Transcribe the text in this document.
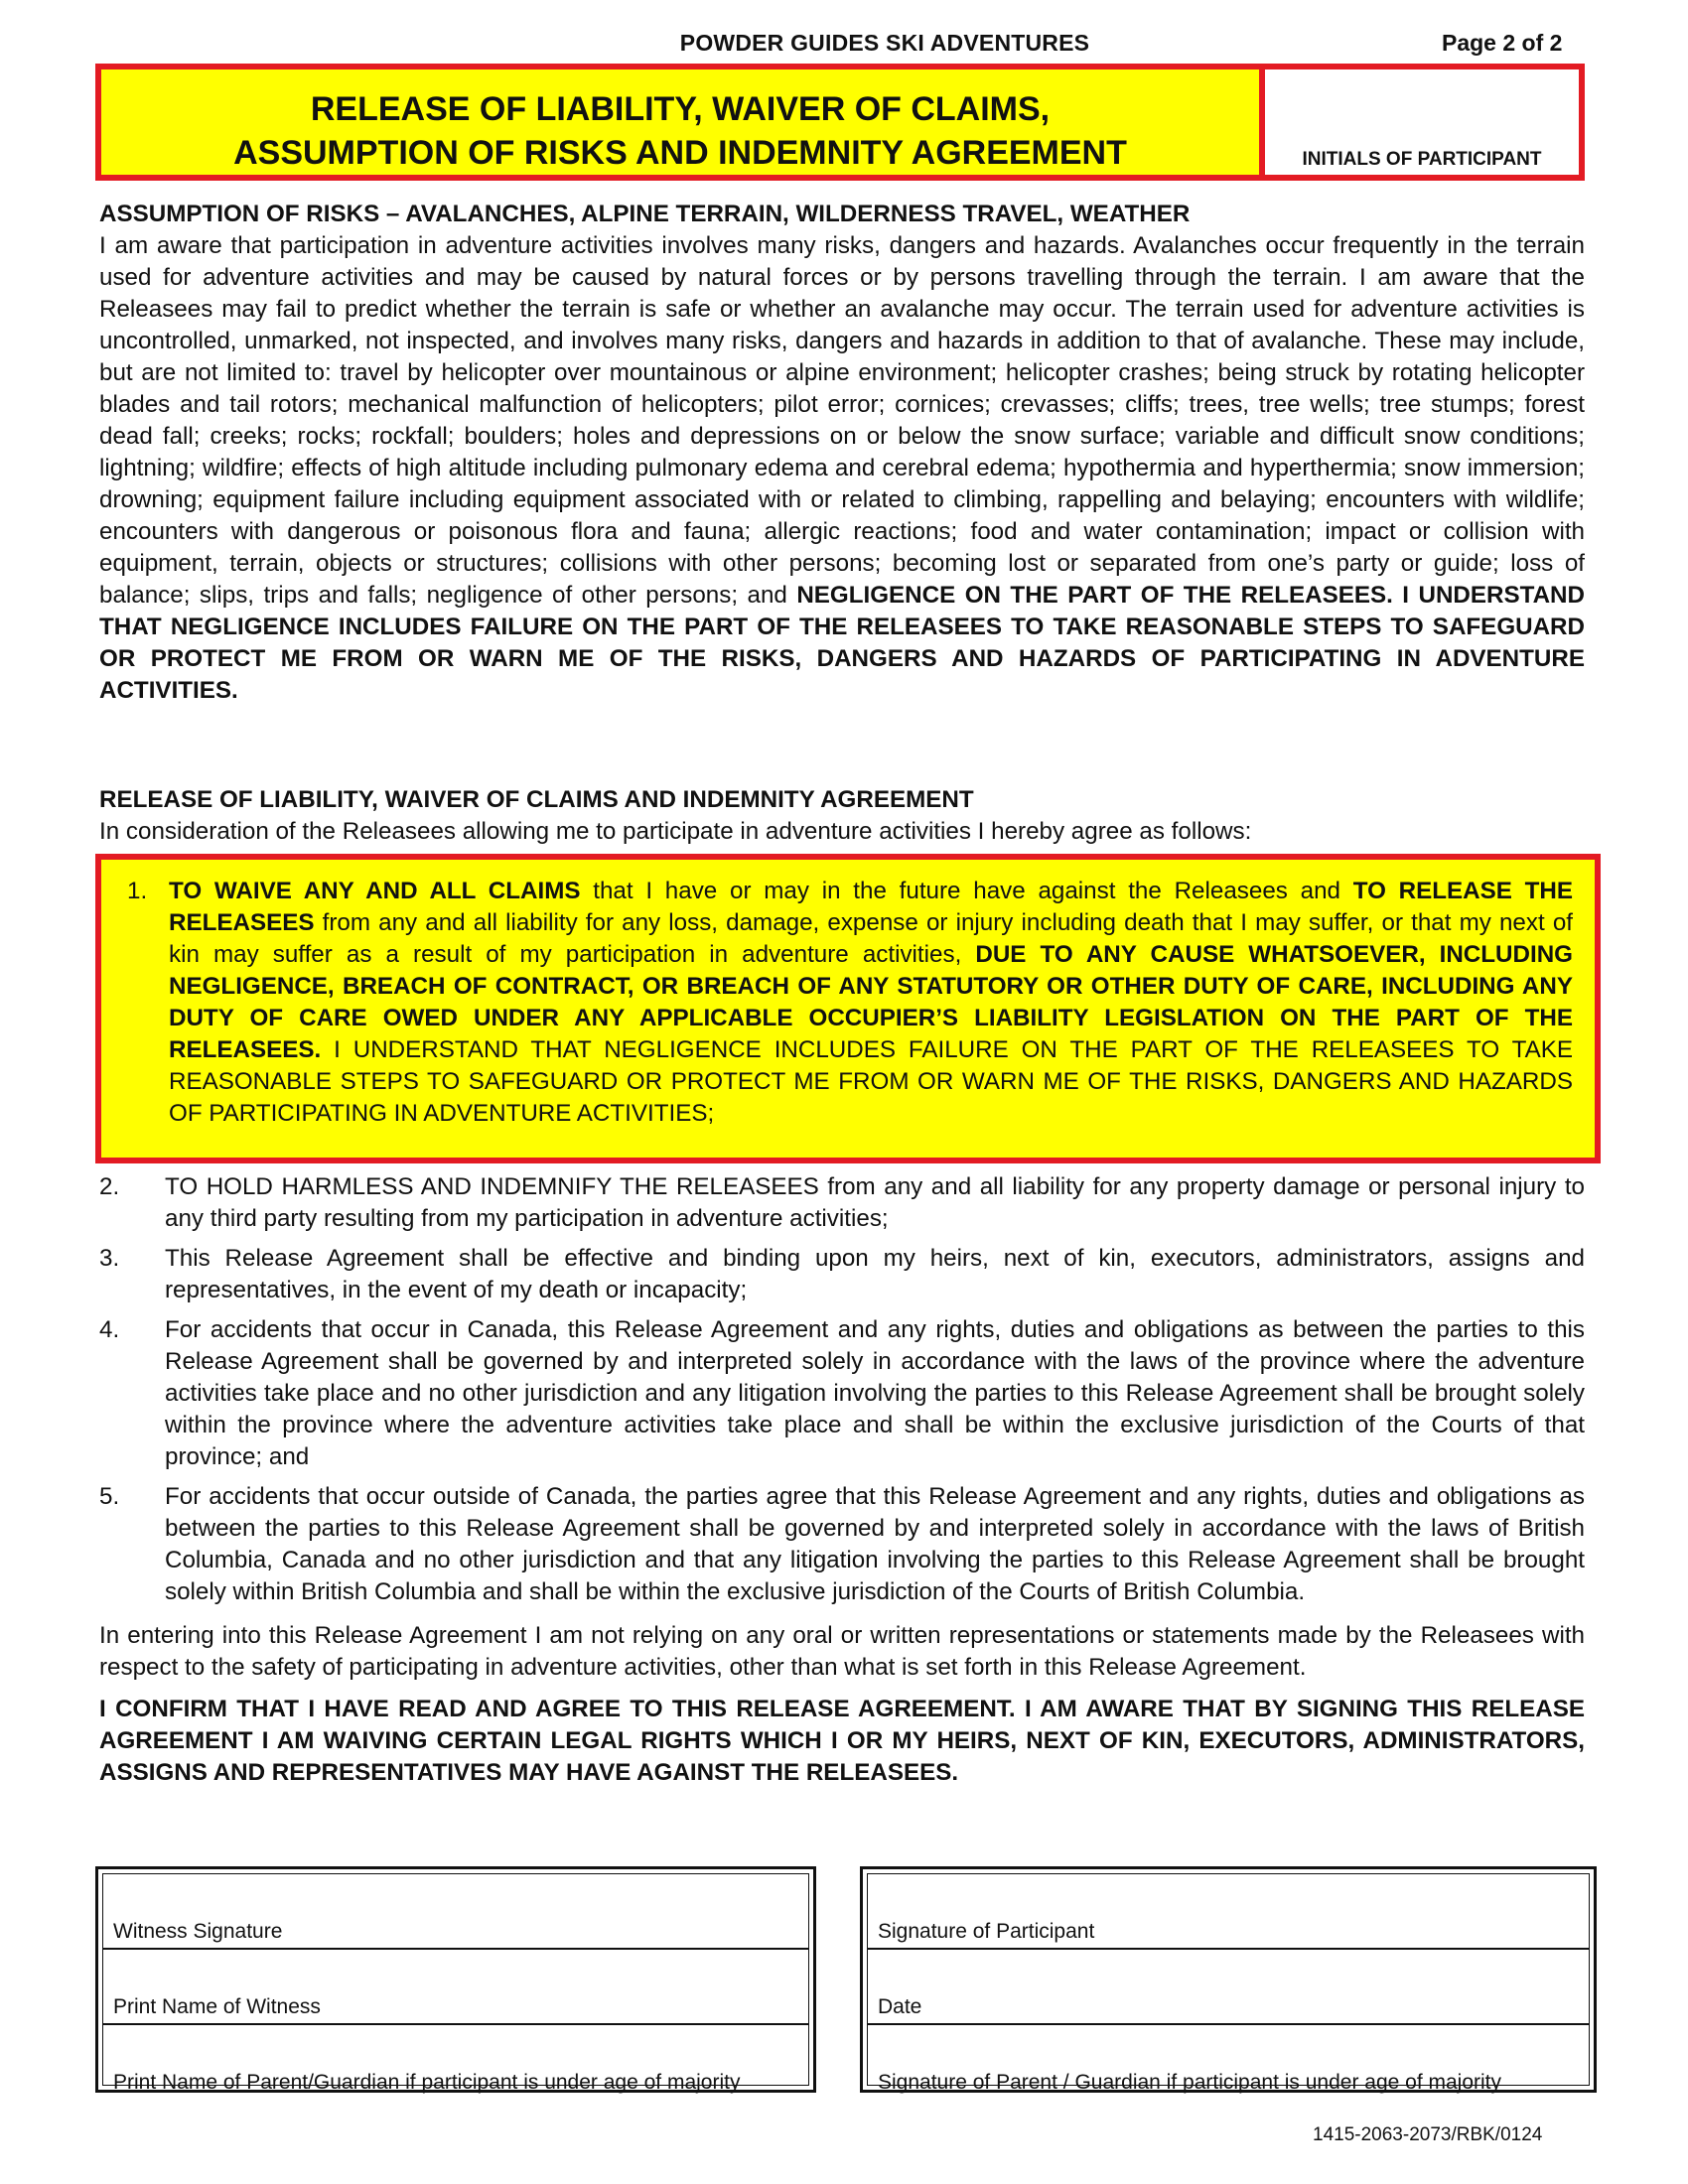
POWDER GUIDES SKI ADVENTURES	Page 2 of 2
RELEASE OF LIABILITY, WAIVER OF CLAIMS,
ASSUMPTION OF RISKS AND INDEMNITY AGREEMENT	INITIALS OF PARTICIPANT
ASSUMPTION OF RISKS – AVALANCHES, ALPINE TERRAIN, WILDERNESS TRAVEL, WEATHER
I am aware that participation in adventure activities involves many risks, dangers and hazards. Avalanches occur frequently in the terrain used for adventure activities and may be caused by natural forces or by persons travelling through the terrain. I am aware that the Releasees may fail to predict whether the terrain is safe or whether an avalanche may occur. The terrain used for adventure activities is uncontrolled, unmarked, not inspected, and involves many risks, dangers and hazards in addition to that of avalanche. These may include, but are not limited to: travel by helicopter over mountainous or alpine environment; helicopter crashes; being struck by rotating helicopter blades and tail rotors; mechanical malfunction of helicopters; pilot error; cornices; crevasses; cliffs; trees, tree wells; tree stumps; forest dead fall; creeks; rocks; rockfall; boulders; holes and depressions on or below the snow surface; variable and difficult snow conditions; lightning; wildfire; effects of high altitude including pulmonary edema and cerebral edema; hypothermia and hyperthermia; snow immersion; drowning; equipment failure including equipment associated with or related to climbing, rappelling and belaying; encounters with wildlife; encounters with dangerous or poisonous flora and fauna; allergic reactions; food and water contamination; impact or collision with equipment, terrain, objects or structures; collisions with other persons; becoming lost or separated from one’s party or guide; loss of balance; slips, trips and falls; negligence of other persons; and NEGLIGENCE ON THE PART OF THE RELEASEES. I UNDERSTAND THAT NEGLIGENCE INCLUDES FAILURE ON THE PART OF THE RELEASEES TO TAKE REASONABLE STEPS TO SAFEGUARD OR PROTECT ME FROM OR WARN ME OF THE RISKS, DANGERS AND HAZARDS OF PARTICIPATING IN ADVENTURE ACTIVITIES.
RELEASE OF LIABILITY, WAIVER OF CLAIMS AND INDEMNITY AGREEMENT
In consideration of the Releasees allowing me to participate in adventure activities I hereby agree as follows:
1. TO WAIVE ANY AND ALL CLAIMS that I have or may in the future have against the Releasees and TO RELEASE THE RELEASEES from any and all liability for any loss, damage, expense or injury including death that I may suffer, or that my next of kin may suffer as a result of my participation in adventure activities, DUE TO ANY CAUSE WHATSOEVER, INCLUDING NEGLIGENCE, BREACH OF CONTRACT, OR BREACH OF ANY STATUTORY OR OTHER DUTY OF CARE, INCLUDING ANY DUTY OF CARE OWED UNDER ANY APPLICABLE OCCUPIER’S LIABILITY LEGISLATION ON THE PART OF THE RELEASEES. I UNDERSTAND THAT NEGLIGENCE INCLUDES FAILURE ON THE PART OF THE RELEASEES TO TAKE REASONABLE STEPS TO SAFEGUARD OR PROTECT ME FROM OR WARN ME OF THE RISKS, DANGERS AND HAZARDS OF PARTICIPATING IN ADVENTURE ACTIVITIES;
2. TO HOLD HARMLESS AND INDEMNIFY THE RELEASEES from any and all liability for any property damage or personal injury to any third party resulting from my participation in adventure activities;
3. This Release Agreement shall be effective and binding upon my heirs, next of kin, executors, administrators, assigns and representatives, in the event of my death or incapacity;
4. For accidents that occur in Canada, this Release Agreement and any rights, duties and obligations as between the parties to this Release Agreement shall be governed by and interpreted solely in accordance with the laws of the province where the adventure activities take place and no other jurisdiction and any litigation involving the parties to this Release Agreement shall be brought solely within the province where the adventure activities take place and shall be within the exclusive jurisdiction of the Courts of that province; and
5. For accidents that occur outside of Canada, the parties agree that this Release Agreement and any rights, duties and obligations as between the parties to this Release Agreement shall be governed by and interpreted solely in accordance with the laws of British Columbia, Canada and no other jurisdiction and that any litigation involving the parties to this Release Agreement shall be brought solely within British Columbia and shall be within the exclusive jurisdiction of the Courts of British Columbia.
In entering into this Release Agreement I am not relying on any oral or written representations or statements made by the Releasees with respect to the safety of participating in adventure activities, other than what is set forth in this Release Agreement.
I CONFIRM THAT I HAVE READ AND AGREE TO THIS RELEASE AGREEMENT. I AM AWARE THAT BY SIGNING THIS RELEASE AGREEMENT I AM WAIVING CERTAIN LEGAL RIGHTS WHICH I OR MY HEIRS, NEXT OF KIN, EXECUTORS, ADMINISTRATORS, ASSIGNS AND REPRESENTATIVES MAY HAVE AGAINST THE RELEASEES.
Witness Signature
Print Name of Witness
Print Name of Parent/Guardian if participant is under age of majority
Signature of Participant
Date
Signature of Parent / Guardian if participant is under age of majority
1415-2063-2073/RBK/0124
